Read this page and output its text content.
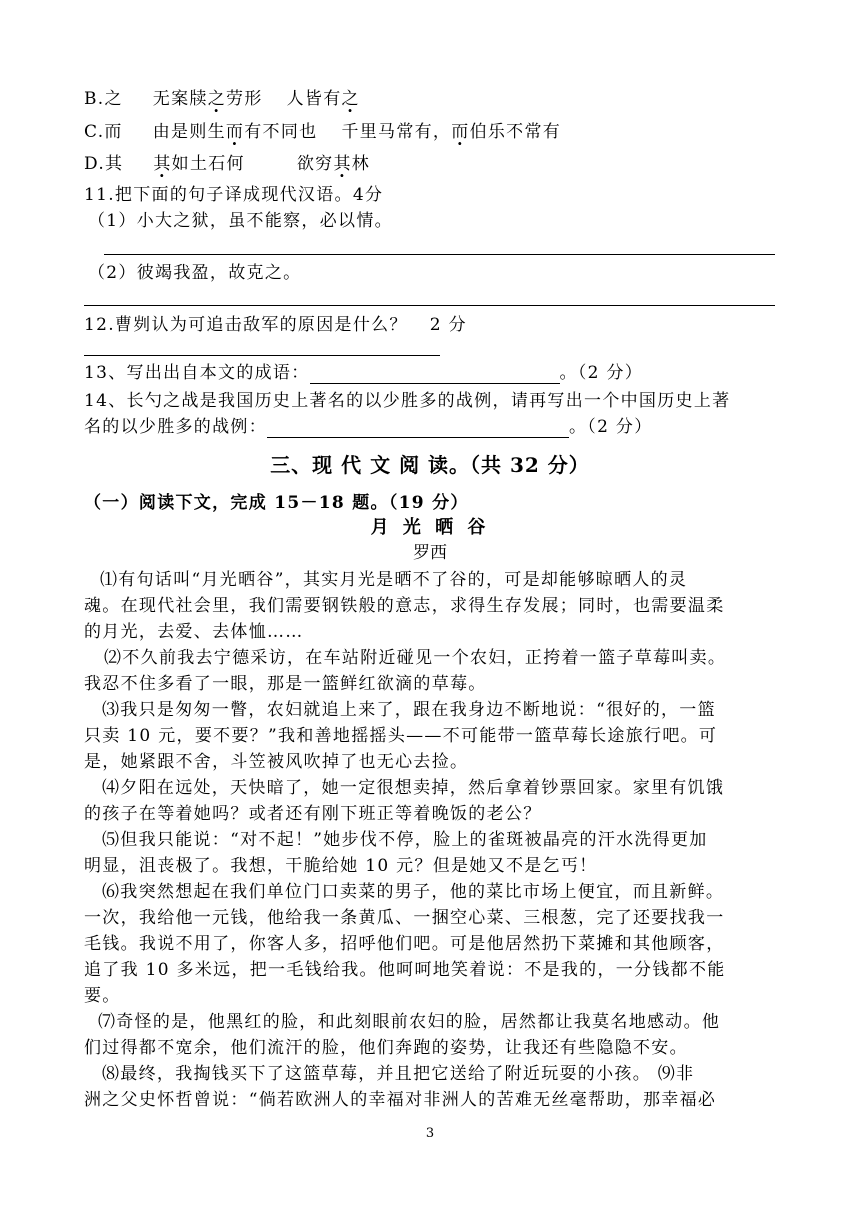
B.之 无案牍之劳形 人皆有之
C.而 由是则生而有不同也 千里马常有，而伯乐不常有
D.其 其如土石何	欲穷其林
11.把下面的句子译成现代汉语。4分
（1）小大之狱，虽不能察，必以情。
（2）彼竭我盈，故克之。
12.曹刿认为可追击敌军的原因是什么？ 2 分
13、写出出自本文的成语：	。（2 分）
14、长勺之战是我国历史上著名的以少胜多的战例，请再写出一个中国历史上著
名的以少胜多的战例：	。（2 分）
三、现 代 文 阅 读。（共 32 分）
（一）阅读下文，完成 15－18 题。（19 分）
月 光 晒 谷
罗西
⑴有句话叫“月光晒谷”，其实月光是晒不了谷的，可是却能够晾晒人的灵
魂。在现代社会里，我们需要钢铁般的意志，求得生存发展；同时，也需要温柔
的月光，去爱、去体恤……
⑵不久前我去宁德采访，在车站附近碰见一个农妇，正挎着一篮子草莓叫卖。
我忍不住多看了一眼，那是一篮鲜红欲滴的草莓。
⑶我只是匆匆一瞥，农妇就追上来了，跟在我身边不断地说：“很好的，一篮
只卖 10 元，要不要？”我和善地摇摇头——不可能带一篮草莓长途旅行吧。可
是，她紧跟不舍，斗笠被风吹掉了也无心去捡。
⑷夕阳在远处，天快暗了，她一定很想卖掉，然后拿着钞票回家。家里有饥饿
的孩子在等着她吗？或者还有刚下班正等着晚饭的老公？
⑸但我只能说：“对不起！”她步伐不停，脸上的雀斑被晶亮的汗水洗得更加
明显，沮丧极了。我想，干脆给她 10 元？但是她又不是乞丐！
⑹我突然想起在我们单位门口卖菜的男子，他的菜比市场上便宜，而且新鲜。
一次，我给他一元钱，他给我一条黄瓜、一捆空心菜、三根葱，完了还要找我一
毛钱。我说不用了，你客人多，招呼他们吧。可是他居然扔下菜摊和其他顾客，
追了我 10 多米远，把一毛钱给我。他呵呵地笑着说：不是我的，一分钱都不能
要。
⑺奇怪的是，他黑红的脸，和此刻眼前农妇的脸，居然都让我莫名地感动。他
们过得都不宽余，他们流汗的脸，他们奔跑的姿势，让我还有些隐隐不安。
⑻最终，我掏钱买下了这篮草莓，并且把它送给了附近玩耍的小孩。 ⑼非
洲之父史怀哲曾说：“倘若欧洲人的幸福对非洲人的苦难无丝毫帮助，那幸福必
3
